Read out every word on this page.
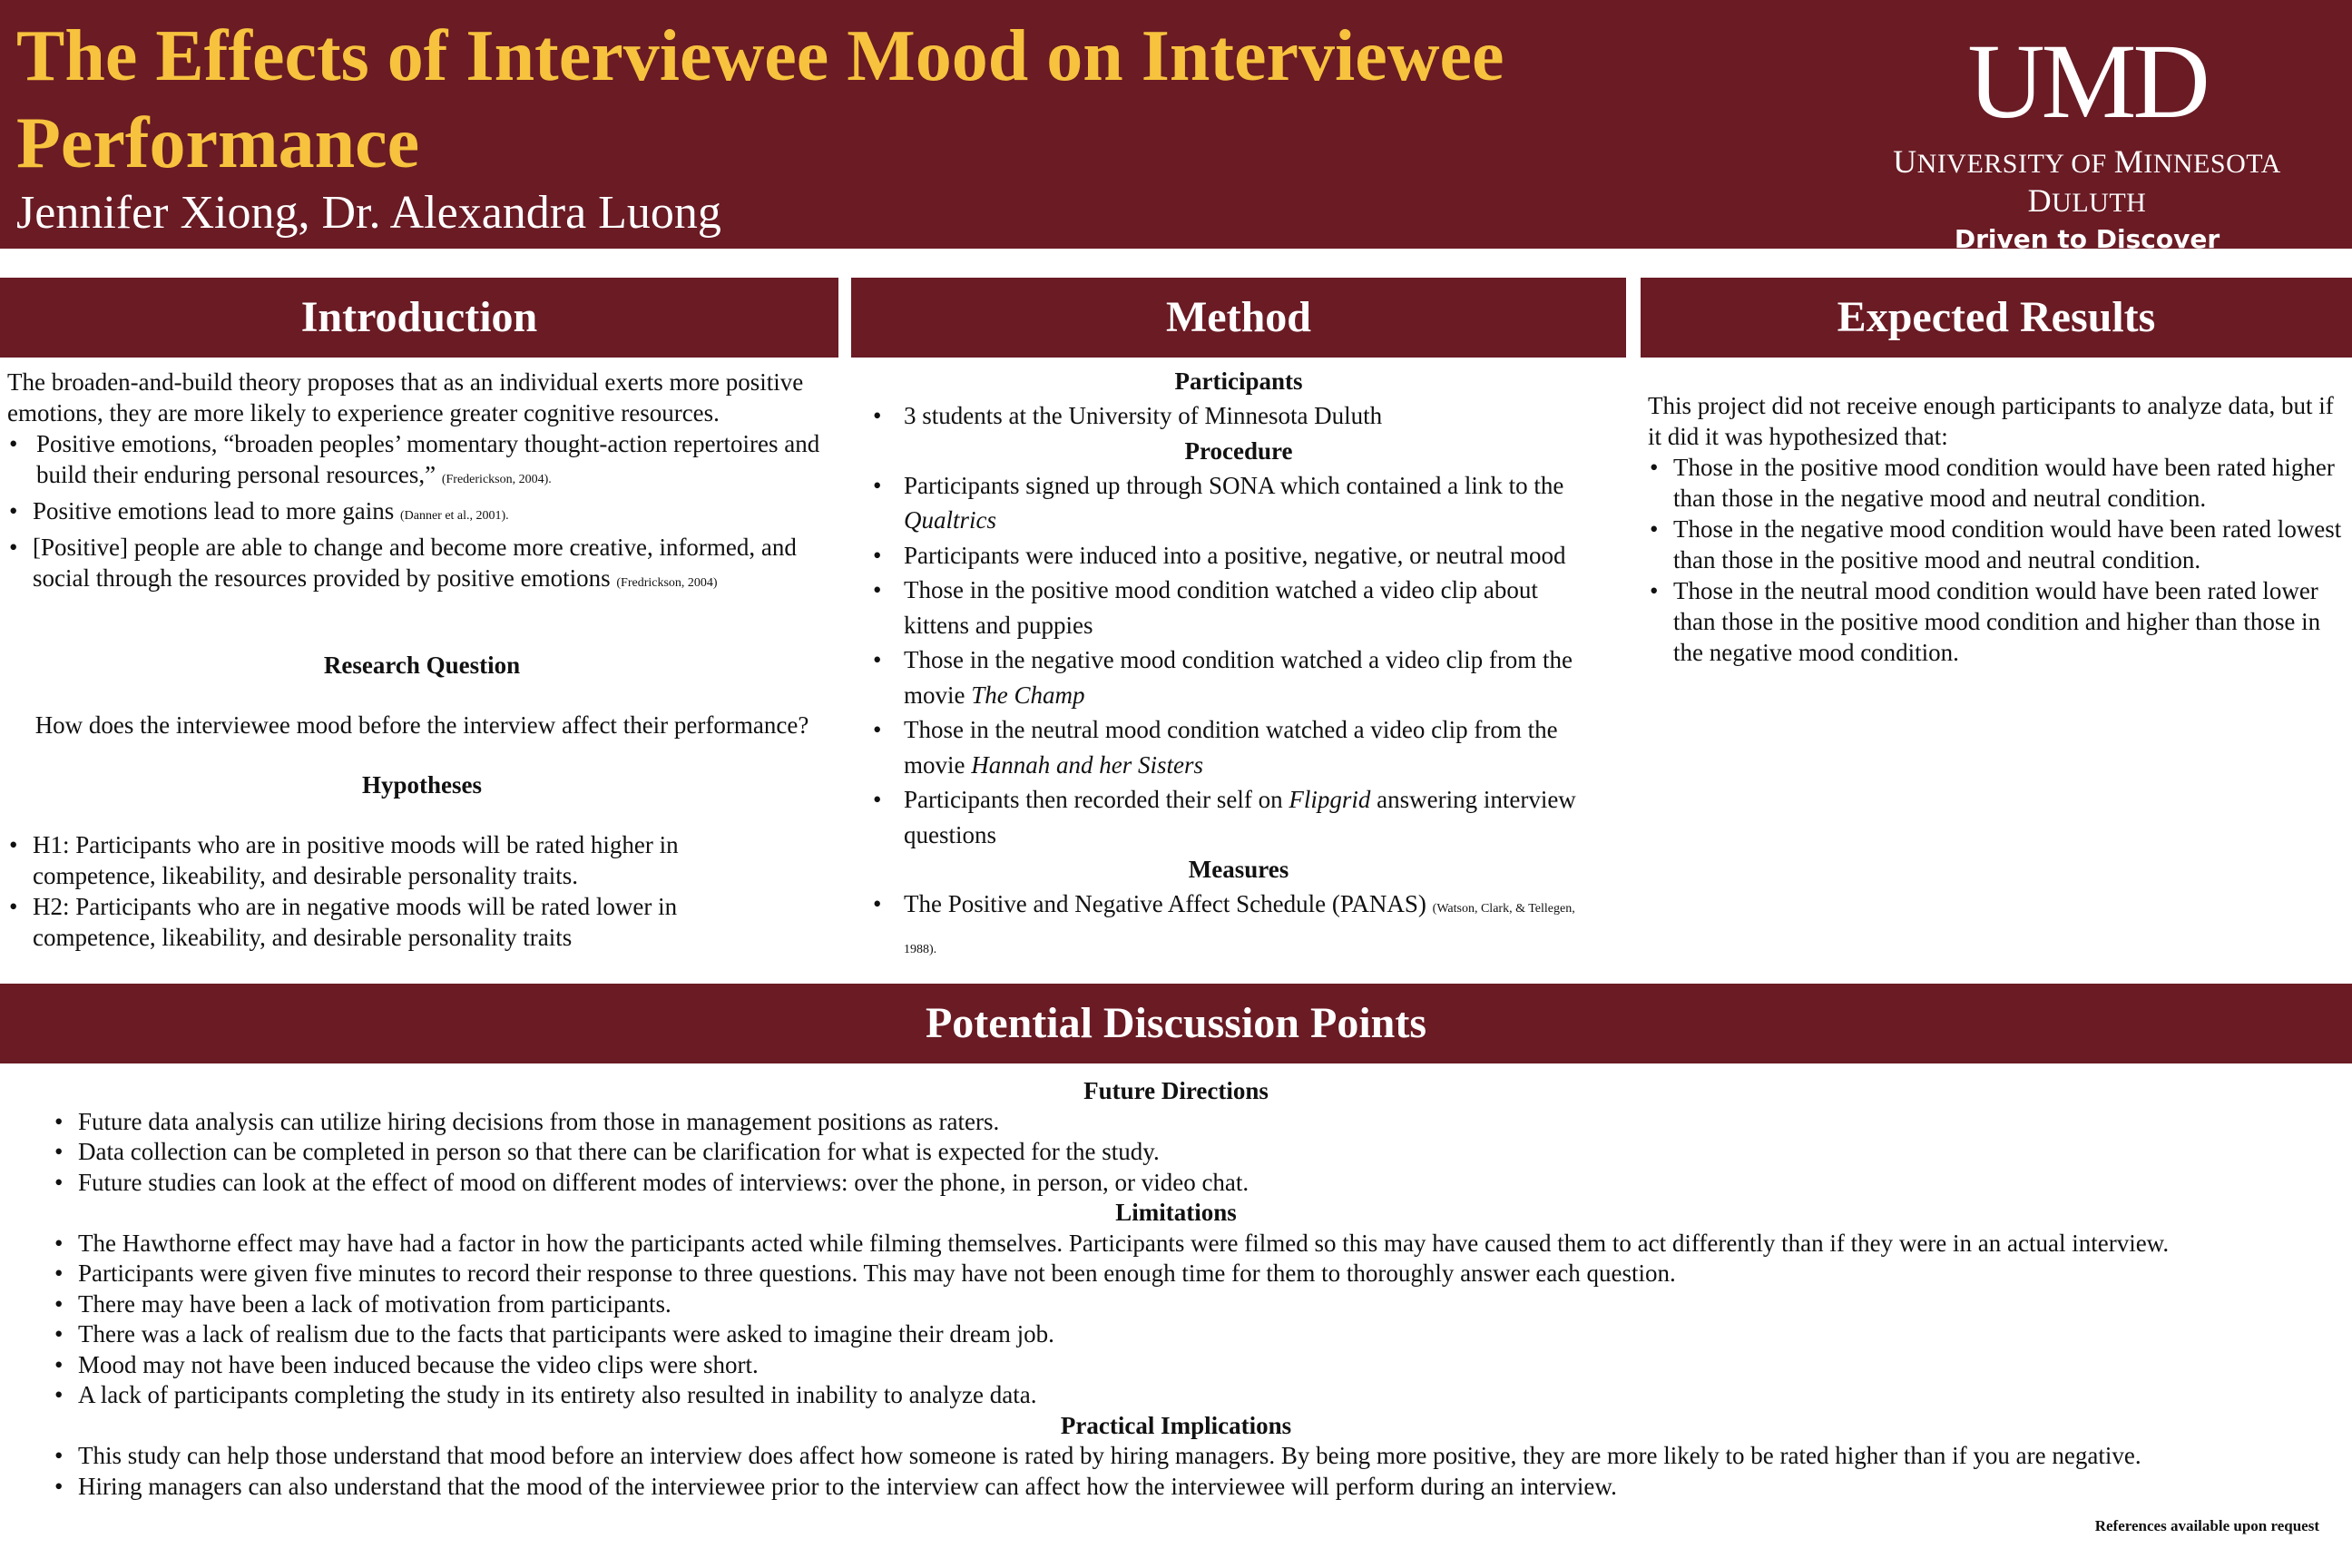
The Effects of Interviewee Mood on Interviewee Performance
Jennifer Xiong, Dr. Alexandra Luong
UMD
UNIVERSITY OF MINNESOTA DULUTH
Driven to Discover
Introduction	Method	Expected Results

The broaden-and-build theory proposes that as an individual exerts more positive emotions, they are more likely to experience greater cognitive resources.

• Positive emotions, “broaden peoples’ momentary thought-action repertoires and build their enduring personal resources,” (Frederickson, 2004).
• Positive emotions lead to more gains (Danner et al., 2001).
• [Positive] people are able to change and become more creative, informed, and social through the resources provided by positive emotions (Fredrickson, 2004)

Research Question

How does the interviewee mood before the interview affect their performance?

Hypotheses

• H1: Participants who are in positive moods will be rated higher in competence, likeability, and desirable personality traits.
• H2: Participants who are in negative moods will be rated lower in competence, likeability, and desirable personality traits

Participants

• 3 students at the University of Minnesota Duluth

Procedure

• Participants signed up through SONA which contained a link to the Qualtrics
• Participants were induced into a positive, negative, or neutral mood
• Those in the positive mood condition watched a video clip about kittens and puppies
• Those in the negative mood condition watched a video clip from the movie The Champ
• Those in the neutral mood condition watched a video clip from the movie Hannah and her Sisters
• Participants then recorded their self on Flipgrid answering interview questions

Measures

• The Positive and Negative Affect Schedule (PANAS) (Watson, Clark, & Tellegen, 1988).

This project did not receive enough participants to analyze data, but if it did it was hypothesized that:

• Those in the positive mood condition would have been rated higher than those in the negative mood and neutral condition.
• Those in the negative mood condition would have been rated lowest than those in the positive mood and neutral condition.
• Those in the neutral mood condition would have been rated lower than those in the positive mood condition and higher than those in the negative mood condition.
Potential Discussion Points

Future Directions

• Future data analysis can utilize hiring decisions from those in management positions as raters.
• Data collection can be completed in person so that there can be clarification for what is expected for the study.
• Future studies can look at the effect of mood on different modes of interviews: over the phone, in person, or video chat.

Limitations

• The Hawthorne effect may have had a factor in how the participants acted while filming themselves. Participants were filmed so this may have caused them to act differently than if they were in an actual interview.
• Participants were given five minutes to record their response to three questions. This may have not been enough time for them to thoroughly answer each question.
• There may have been a lack of motivation from participants.
• There was a lack of realism due to the facts that participants were asked to imagine their dream job.
• Mood may not have been induced because the video clips were short.
• A lack of participants completing the study in its entirety also resulted in inability to analyze data.

Practical Implications

• This study can help those understand that mood before an interview does affect how someone is rated by hiring managers. By being more positive, they are more likely to be rated higher than if you are negative.
• Hiring managers can also understand that the mood of the interviewee prior to the interview can affect how the interviewee will perform during an interview.
References available upon request
